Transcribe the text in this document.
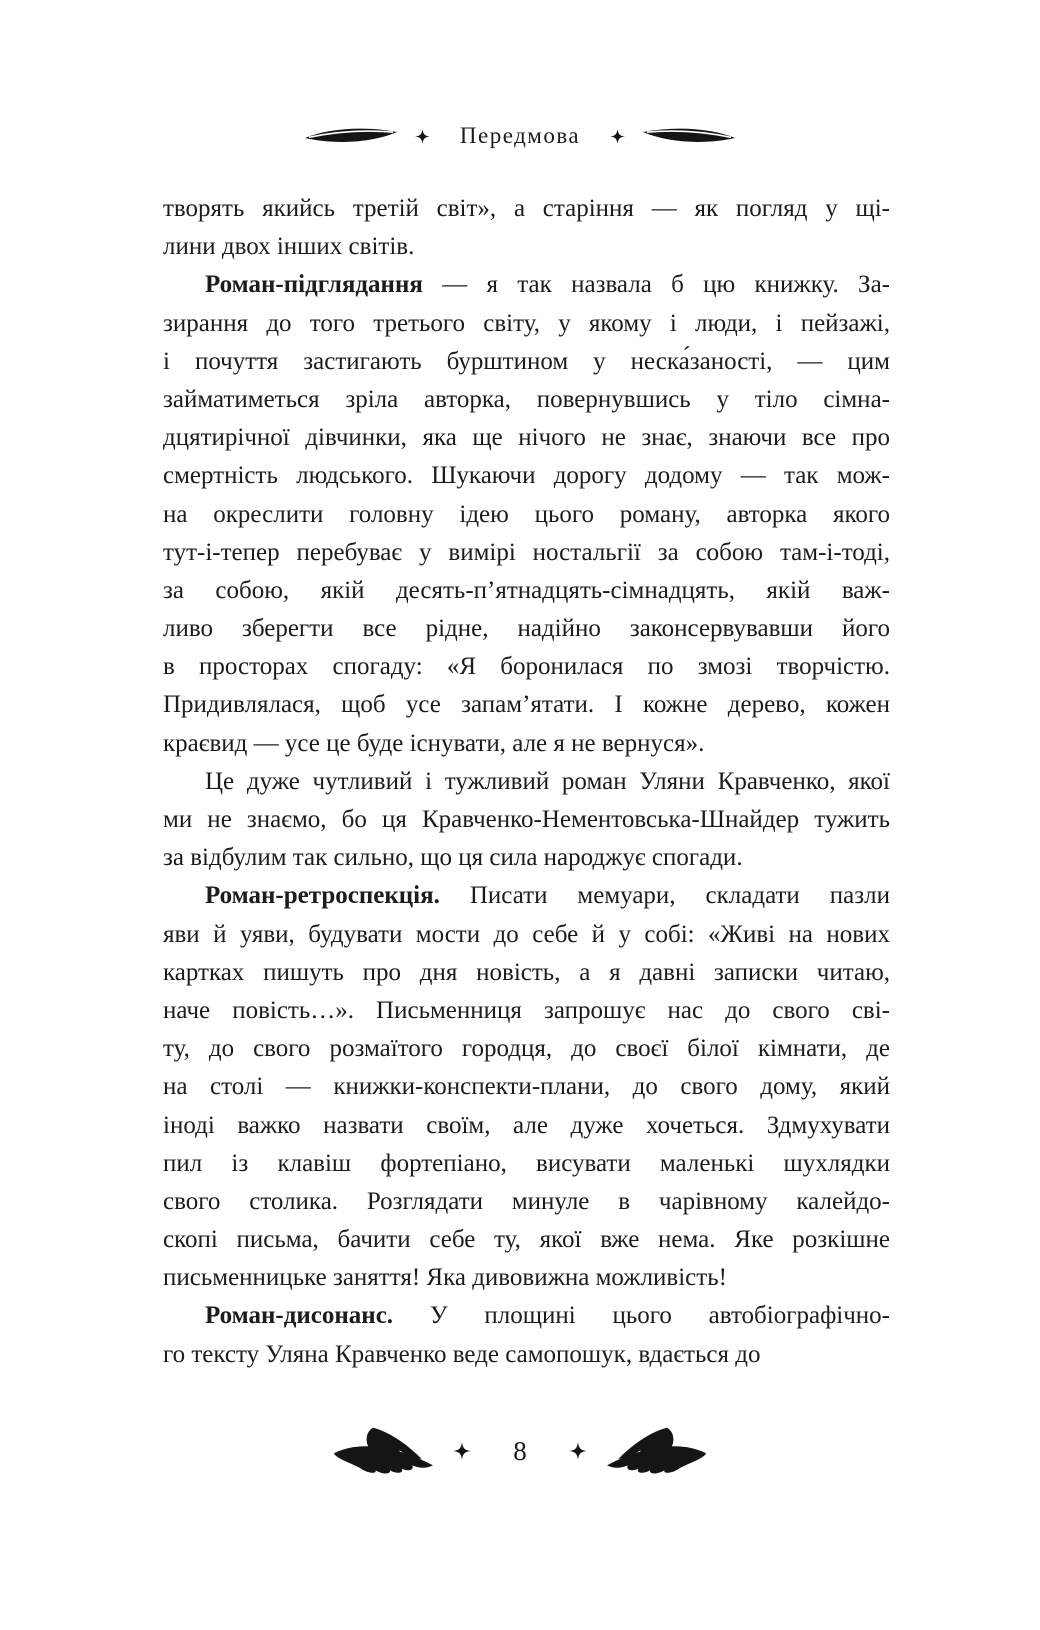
Передмова
творять якийсь третій світ», а старіння — як погляд у щі-
лини двох інших світів.
Роман-підглядання — я так назвала б цю книжку. За-
зирання до того третього світу, у якому і люди, і пейзажі,
і почуття застигають бурштином у неска́заності, — цим
займатиметься зріла авторка, повернувшись у тіло сімна-
дцятирічної дівчинки, яка ще нічого не знає, знаючи все про
смертність людського. Шукаючи дорогу додому — так мож-
на окреслити головну ідею цього роману, авторка якого
тут-і-тепер перебуває у вимірі ностальгії за собою там-і-тоді,
за собою, якій десять-п’ятнадцять-сімнадцять, якій важ-
ливо зберегти все рідне, надійно законсервувавши його
в просторах спогаду: «Я боронилася по змозі творчістю.
Придивлялася, щоб усе запам’ятати. І кожне дерево, кожен
краєвид — усе це буде існувати, але я не вернуся».
Це дуже чутливий і тужливий роман Уляни Кравченко, якої
ми не знаємо, бо ця Кравченко-Нементовська-Шнайдер тужить
за відбулим так сильно, що ця сила народжує спогади.
Роман-ретроспекція. Писати мемуари, складати пазли
яви й уяви, будувати мости до себе й у собі: «Живі на нових
картках пишуть про дня новість, а я давні записки читаю,
наче повість…». Письменниця запрошує нас до свого сві-
ту, до свого розмаїтого городця, до своєї білої кімнати, де
на столі — книжки-конспекти-плани, до свого дому, який
іноді важко назвати своїм, але дуже хочеться. Здмухувати
пил із клавіш фортепіано, висувати маленькі шухлядки
свого столика. Розглядати минуле в чарівному калейдо-
скопі письма, бачити себе ту, якої вже нема. Яке розкішне
письменницьке заняття! Яка дивовижна можливість!
Роман-дисонанс. У площині цього автобіографічно-
го тексту Уляна Кравченко веде самопошук, вдається до
8
